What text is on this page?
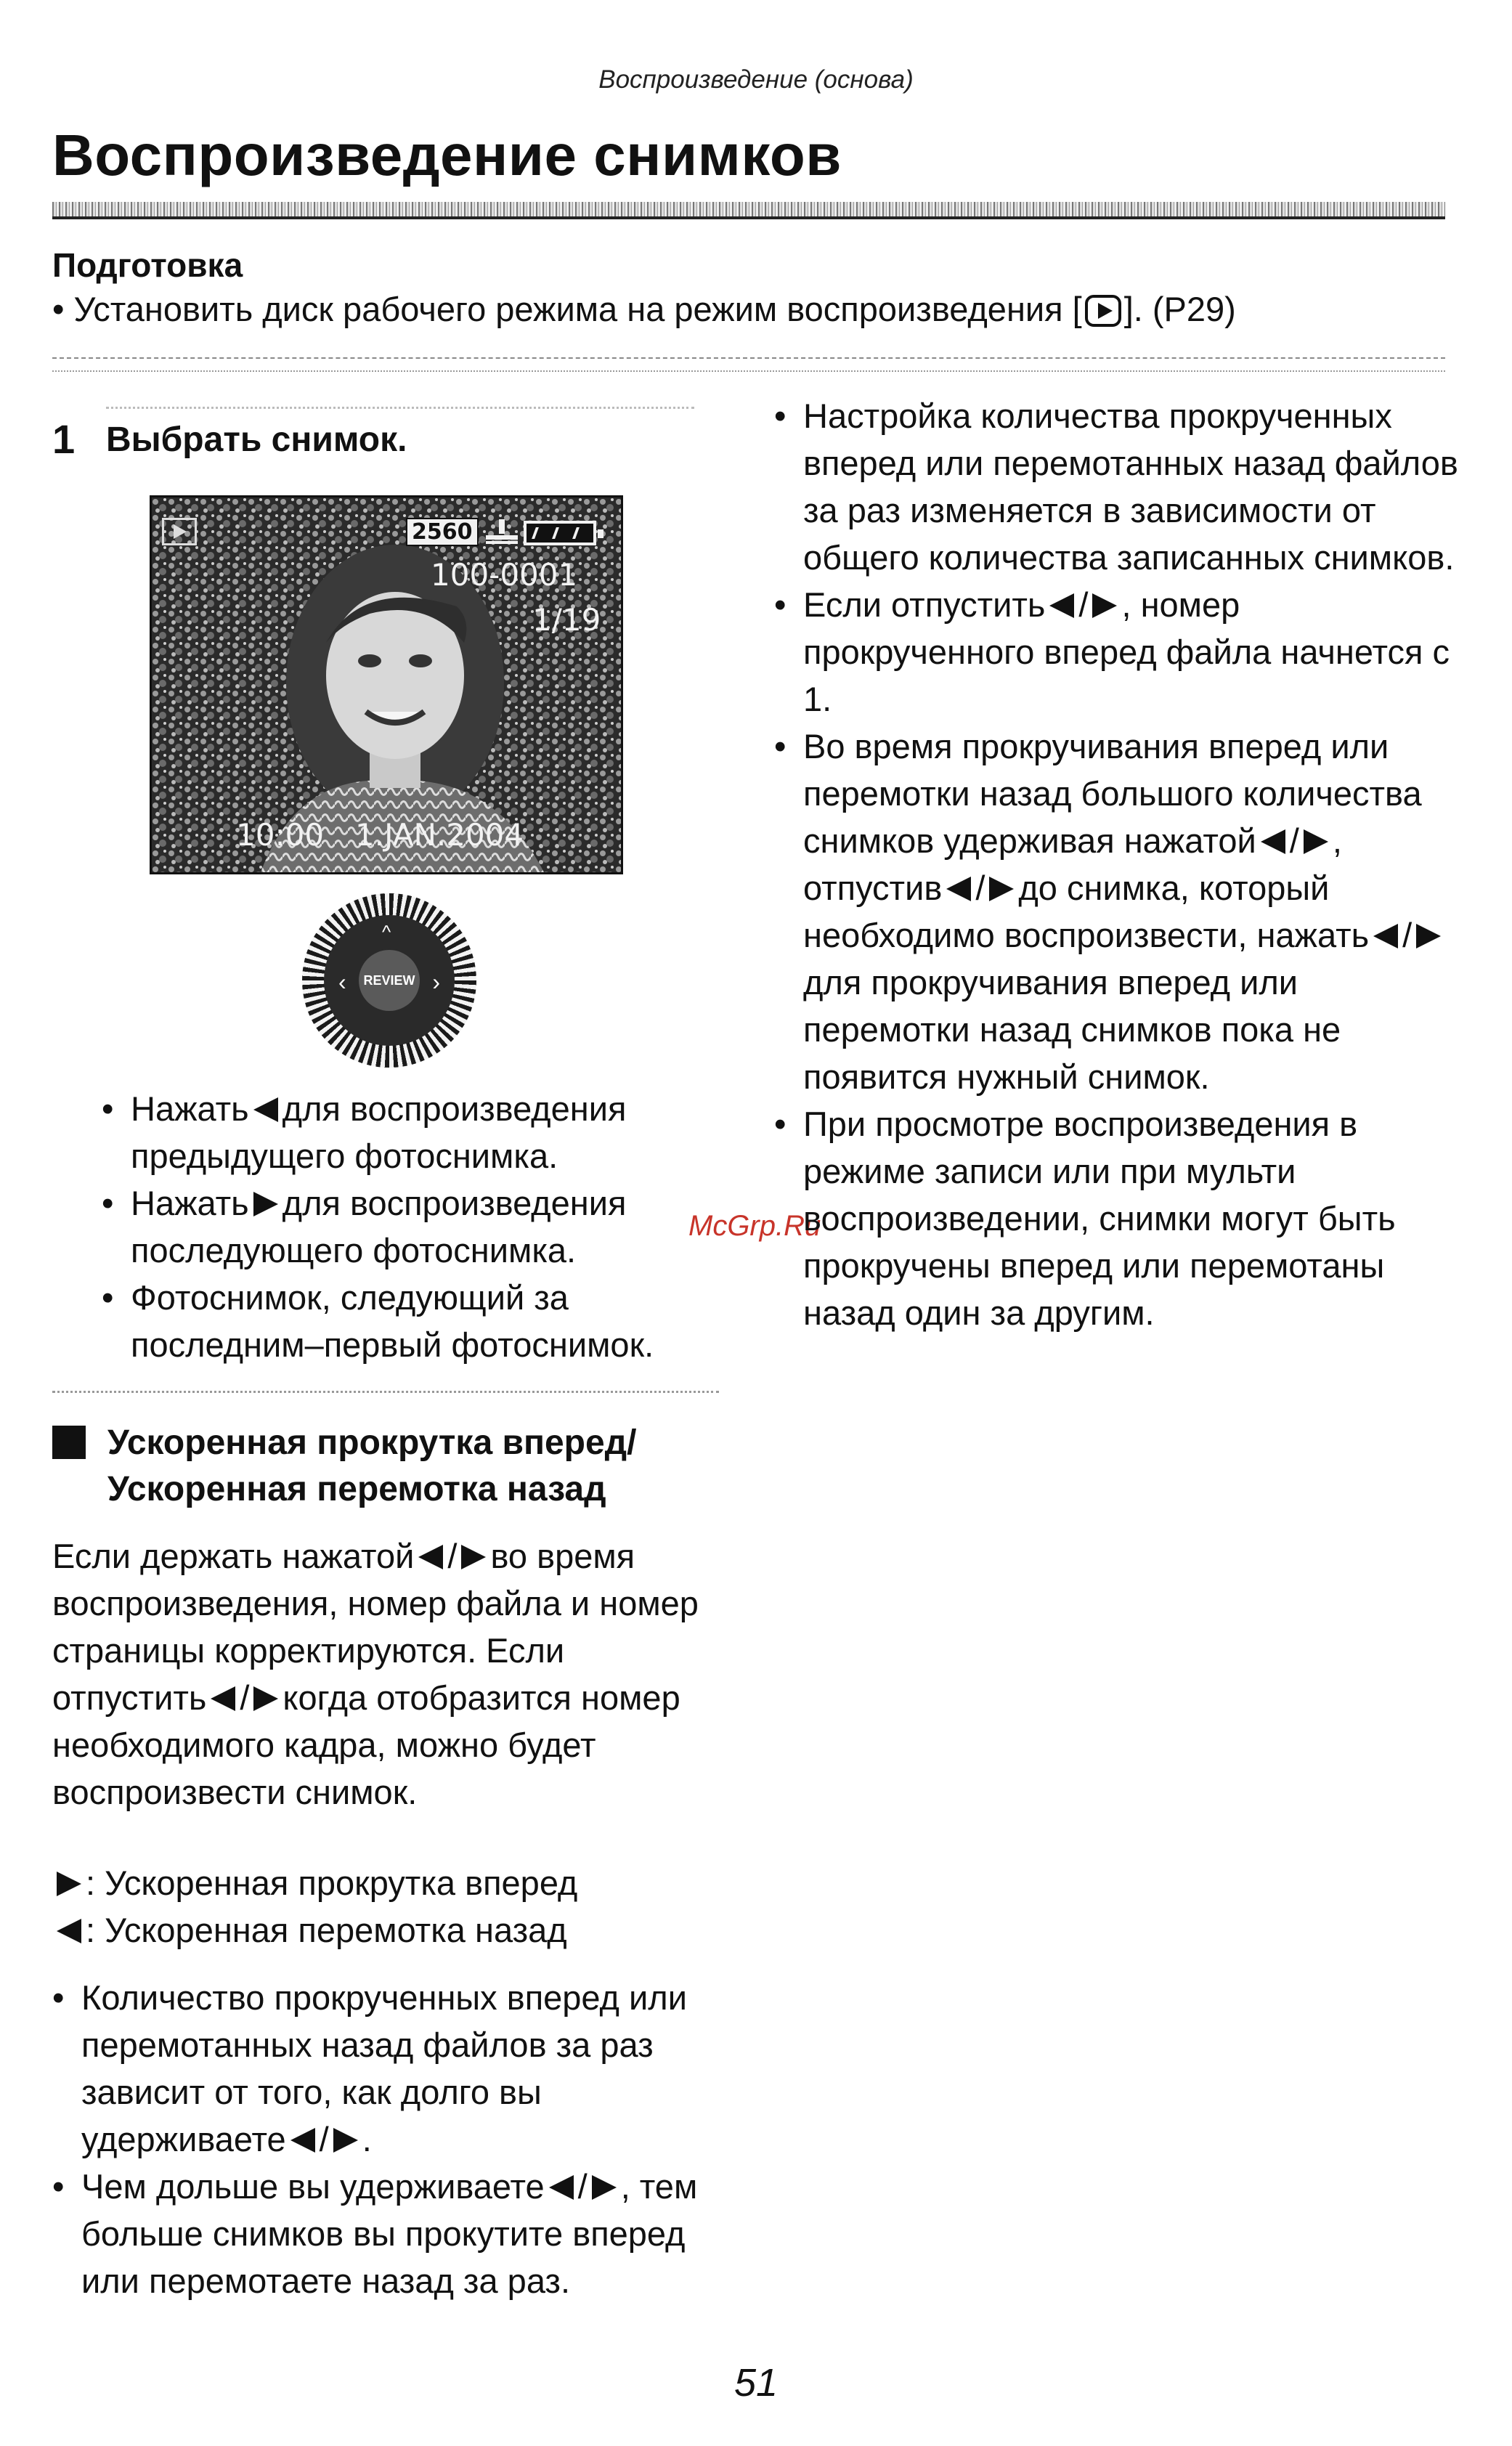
Воспроизведение (основа)
Воспроизведение снимков
Подготовка
• Установить диск рабочего режима на режим воспроизведения [ ]. (P29)
1 Выбрать снимок.
2560
100-0001
1/19
10:00 1.JAN.2004
‹	›
^
REVIEW
• Нажать для воспроизведения предыдущего фотоснимка.
• Нажать для воспроизведения последующего фотоснимка.
• Фотоснимок, следующий за последним–первый фотоснимок.
McGrp.Ru
Ускоренная прокрутка вперед/
Ускоренная перемотка назад
Если держать нажатой / во время воспроизведения, номер файла и номер страницы корректируются. Если отпустить / когда отобразится номер необходимого кадра, можно будет воспроизвести снимок.
: Ускоренная прокрутка вперед
: Ускоренная перемотка назад
• Количество прокрученных вперед или перемотанных назад файлов за раз зависит от того, как долго вы удерживаете / .
• Чем дольше вы удерживаете / , тем больше снимков вы прокутите вперед или перемотаете назад за раз.
• Настройка количества прокрученных вперед или перемотанных назад файлов за раз изменяется в зависимости от общего количества записанных снимков.
• Если отпустить / , номер прокрученного вперед файла начнется с 1.
• Во время прокручивания вперед или перемотки назад большого количества снимков удерживая нажатой / , отпустив / до снимка, который необходимо воспроизвести, нажать /для прокручивания вперед или перемотки назад снимков пока не появится нужный снимок.
• При просмотре воспроизведения в режиме записи или при мульти воспроизведении, снимки могут быть прокручены вперед или перемотаны назад один за другим.
51
